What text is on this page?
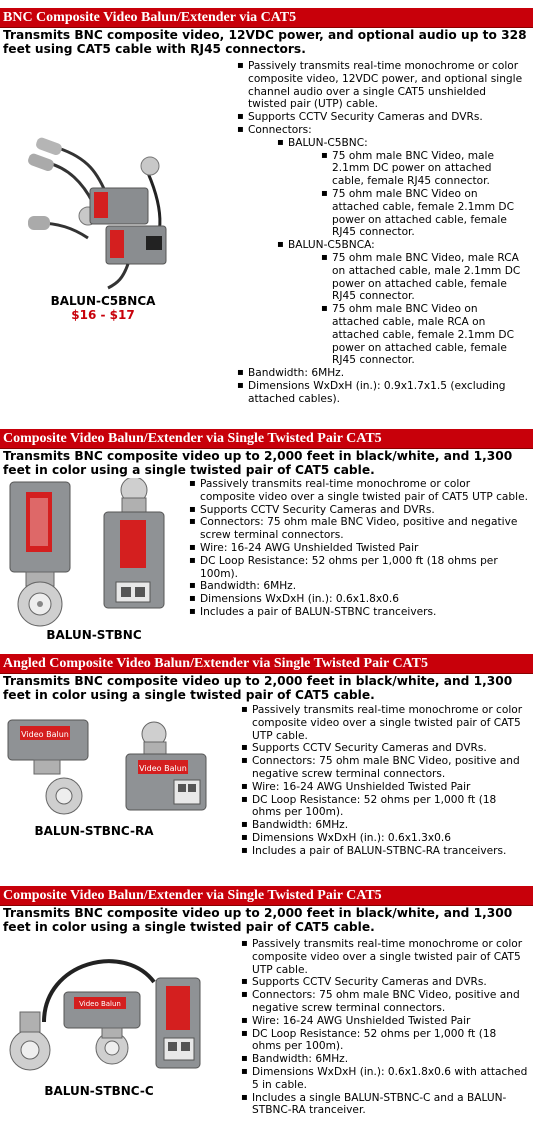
BNC Composite Video Balun/Extender via CAT5
Transmits BNC composite video, 12VDC power, and optional audio up to 328 feet using CAT5 cable with RJ45 connectors.
BALUN-C5BNCA
$16 - $17
▪ Passively transmits real-time monochrome or color composite video, 12VDC power, and optional single channel audio over a single CAT5 unshielded twisted pair (UTP) cable.
▪ Supports CCTV Security Cameras and DVRs.
▪ Connectors:
▪ BALUN-C5BNC:
▪ 75 ohm male BNC Video, male 2.1mm DC power on attached cable, female RJ45 connector.
▪ 75 ohm male BNC Video on attached cable, female 2.1mm DC power on attached cable, female RJ45 connector.
▪ BALUN-C5BNCA:
▪ 75 ohm male BNC Video, male RCA on attached cable, male 2.1mm DC power on attached cable, female RJ45 connector.
▪ 75 ohm male BNC Video on attached cable, male RCA on attached cable, female 2.1mm DC power on attached cable, female RJ45 connector.
▪ Bandwidth: 6MHz.
▪ Dimensions WxDxH (in.): 0.9x1.7x1.5 (excluding attached cables).
Composite Video Balun/Extender via Single Twisted Pair CAT5
Transmits BNC composite video up to 2,000 feet in black/white, and 1,300 feet in color using a single twisted pair of CAT5 cable.
BALUN-STBNC
▪ Passively transmits real-time monochrome or color composite video over a single twisted pair of CAT5 UTP cable.
▪ Supports CCTV Security Cameras and DVRs.
▪ Connectors: 75 ohm male BNC Video, positive and negative screw terminal connectors.
▪ Wire: 16-24 AWG Unshielded Twisted Pair
▪ DC Loop Resistance: 52 ohms per 1,000 ft (18 ohms per 100m).
▪ Bandwidth: 6MHz.
▪ Dimensions WxDxH (in.): 0.6x1.8x0.6
▪ Includes a pair of BALUN-STBNC tranceivers.
Angled Composite Video Balun/Extender via Single Twisted Pair CAT5
Transmits BNC composite video up to 2,000 feet in black/white, and 1,300 feet in color using a single twisted pair of CAT5 cable.
Video Balun
Video Balun
BALUN-STBNC-RA
▪ Passively transmits real-time monochrome or color composite video over a single twisted pair of CAT5 UTP cable.
▪ Supports CCTV Security Cameras and DVRs.
▪ Connectors: 75 ohm male BNC Video, positive and negative screw terminal connectors.
▪ Wire: 16-24 AWG Unshielded Twisted Pair
▪ DC Loop Resistance: 52 ohms per 1,000 ft (18 ohms per 100m).
▪ Bandwidth: 6MHz.
▪ Dimensions WxDxH (in.): 0.6x1.3x0.6
▪ Includes a pair of BALUN-STBNC-RA tranceivers.
Composite Video Balun/Extender via Single Twisted Pair CAT5
Transmits BNC composite video up to 2,000 feet in black/white, and 1,300 feet in color using a single twisted pair of CAT5 cable.
Video Balun
BALUN-STBNC-C
▪ Passively transmits real-time monochrome or color composite video over a single twisted pair of CAT5 UTP cable.
▪ Supports CCTV Security Cameras and DVRs.
▪ Connectors: 75 ohm male BNC Video, positive and negative screw terminal connectors.
▪ Wire: 16-24 AWG Unshielded Twisted Pair
▪ DC Loop Resistance: 52 ohms per 1,000 ft (18 ohms per 100m).
▪ Bandwidth: 6MHz.
▪ Dimensions WxDxH (in.): 0.6x1.8x0.6 with attached 5 in cable.
▪ Includes a single BALUN-STBNC-C and a BALUN-STBNC-RA tranceiver.
